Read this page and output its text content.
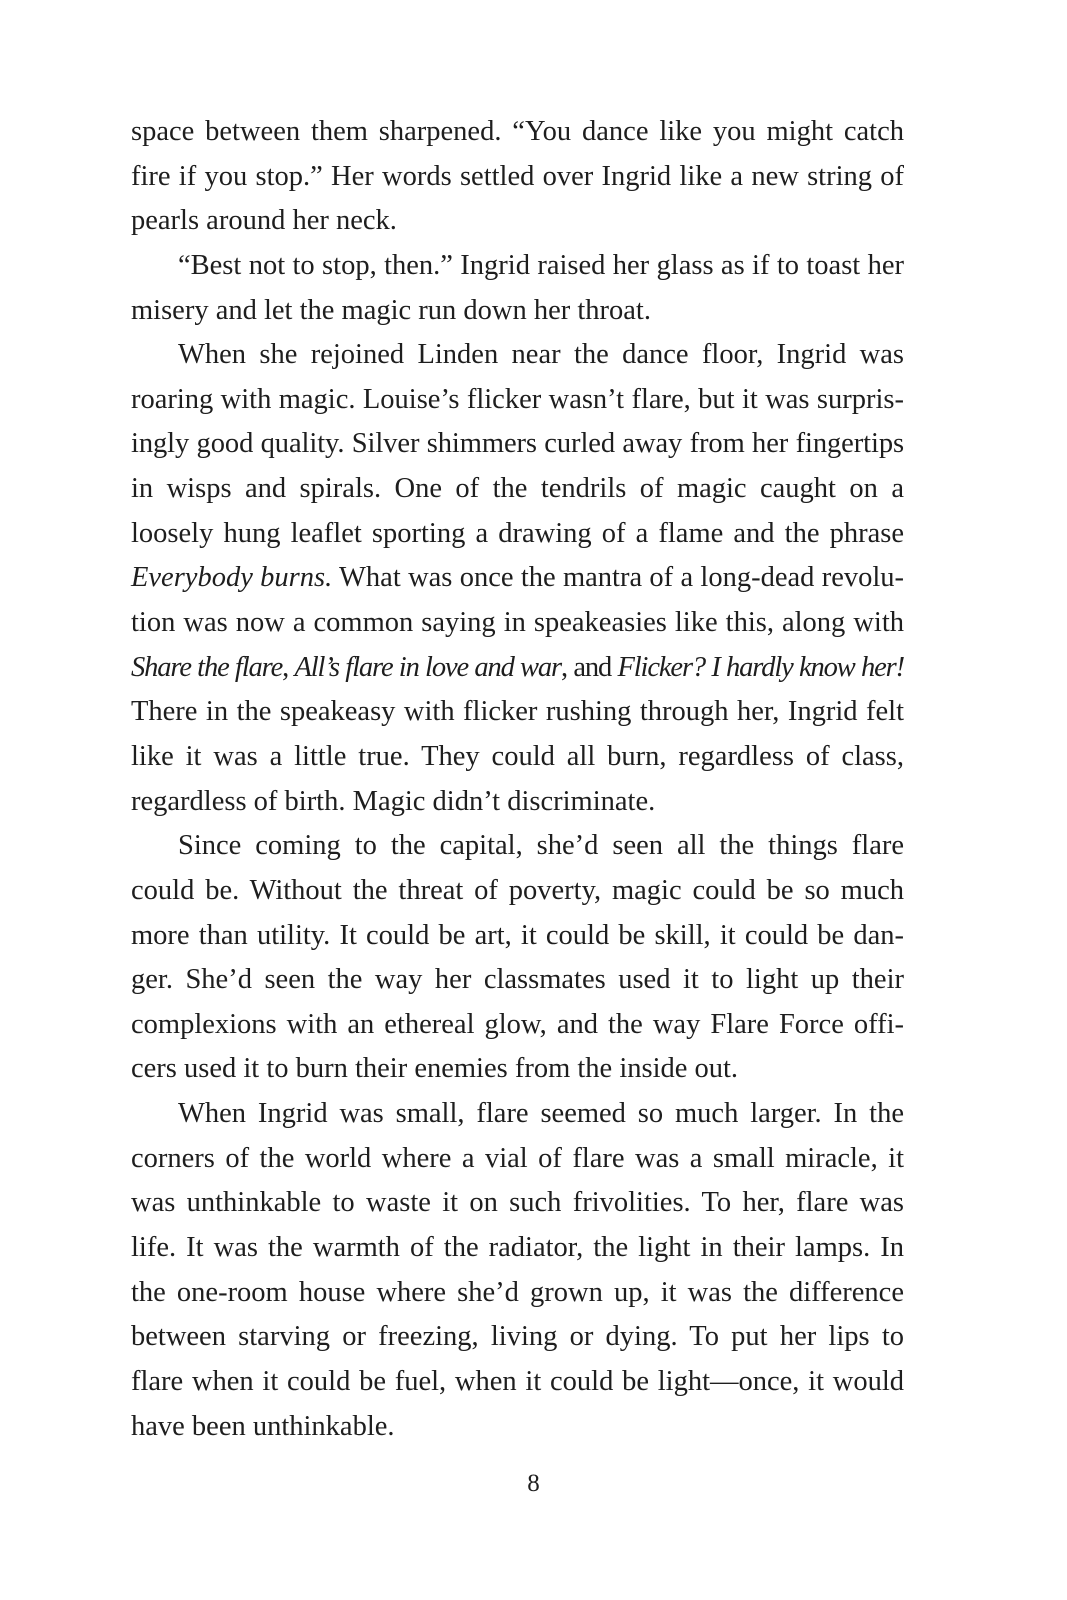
space between them sharpened. “You dance like you might catch
fire if you stop.” Her words settled over Ingrid like a new string of
pearls around her neck.
“Best not to stop, then.” Ingrid raised her glass as if to toast her
misery and let the magic run down her throat.
When she rejoined Linden near the dance floor, Ingrid was
roaring with magic. Louise’s flicker wasn’t flare, but it was surpris-
ingly good quality. Silver shimmers curled away from her fingertips
in wisps and spirals. One of the tendrils of magic caught on a
loosely hung leaflet sporting a drawing of a flame and the phrase
Everybody burns. What was once the mantra of a long-dead revolu-
tion was now a common saying in speakeasies like this, along with
Share the flare, All’s flare in love and war, and Flicker? I hardly know her!
There in the speakeasy with flicker rushing through her, Ingrid felt
like it was a little true. They could all burn, regardless of class,
regardless of birth. Magic didn’t discriminate.
Since coming to the capital, she’d seen all the things flare
could be. Without the threat of poverty, magic could be so much
more than utility. It could be art, it could be skill, it could be dan-
ger. She’d seen the way her classmates used it to light up their
complexions with an ethereal glow, and the way Flare Force offi-
cers used it to burn their enemies from the inside out.
When Ingrid was small, flare seemed so much larger. In the
corners of the world where a vial of flare was a small miracle, it
was unthinkable to waste it on such frivolities. To her, flare was
life. It was the warmth of the radiator, the light in their lamps. In
the one-room house where she’d grown up, it was the difference
between starving or freezing, living or dying. To put her lips to
flare when it could be fuel, when it could be light—once, it would
have been unthinkable.
8
